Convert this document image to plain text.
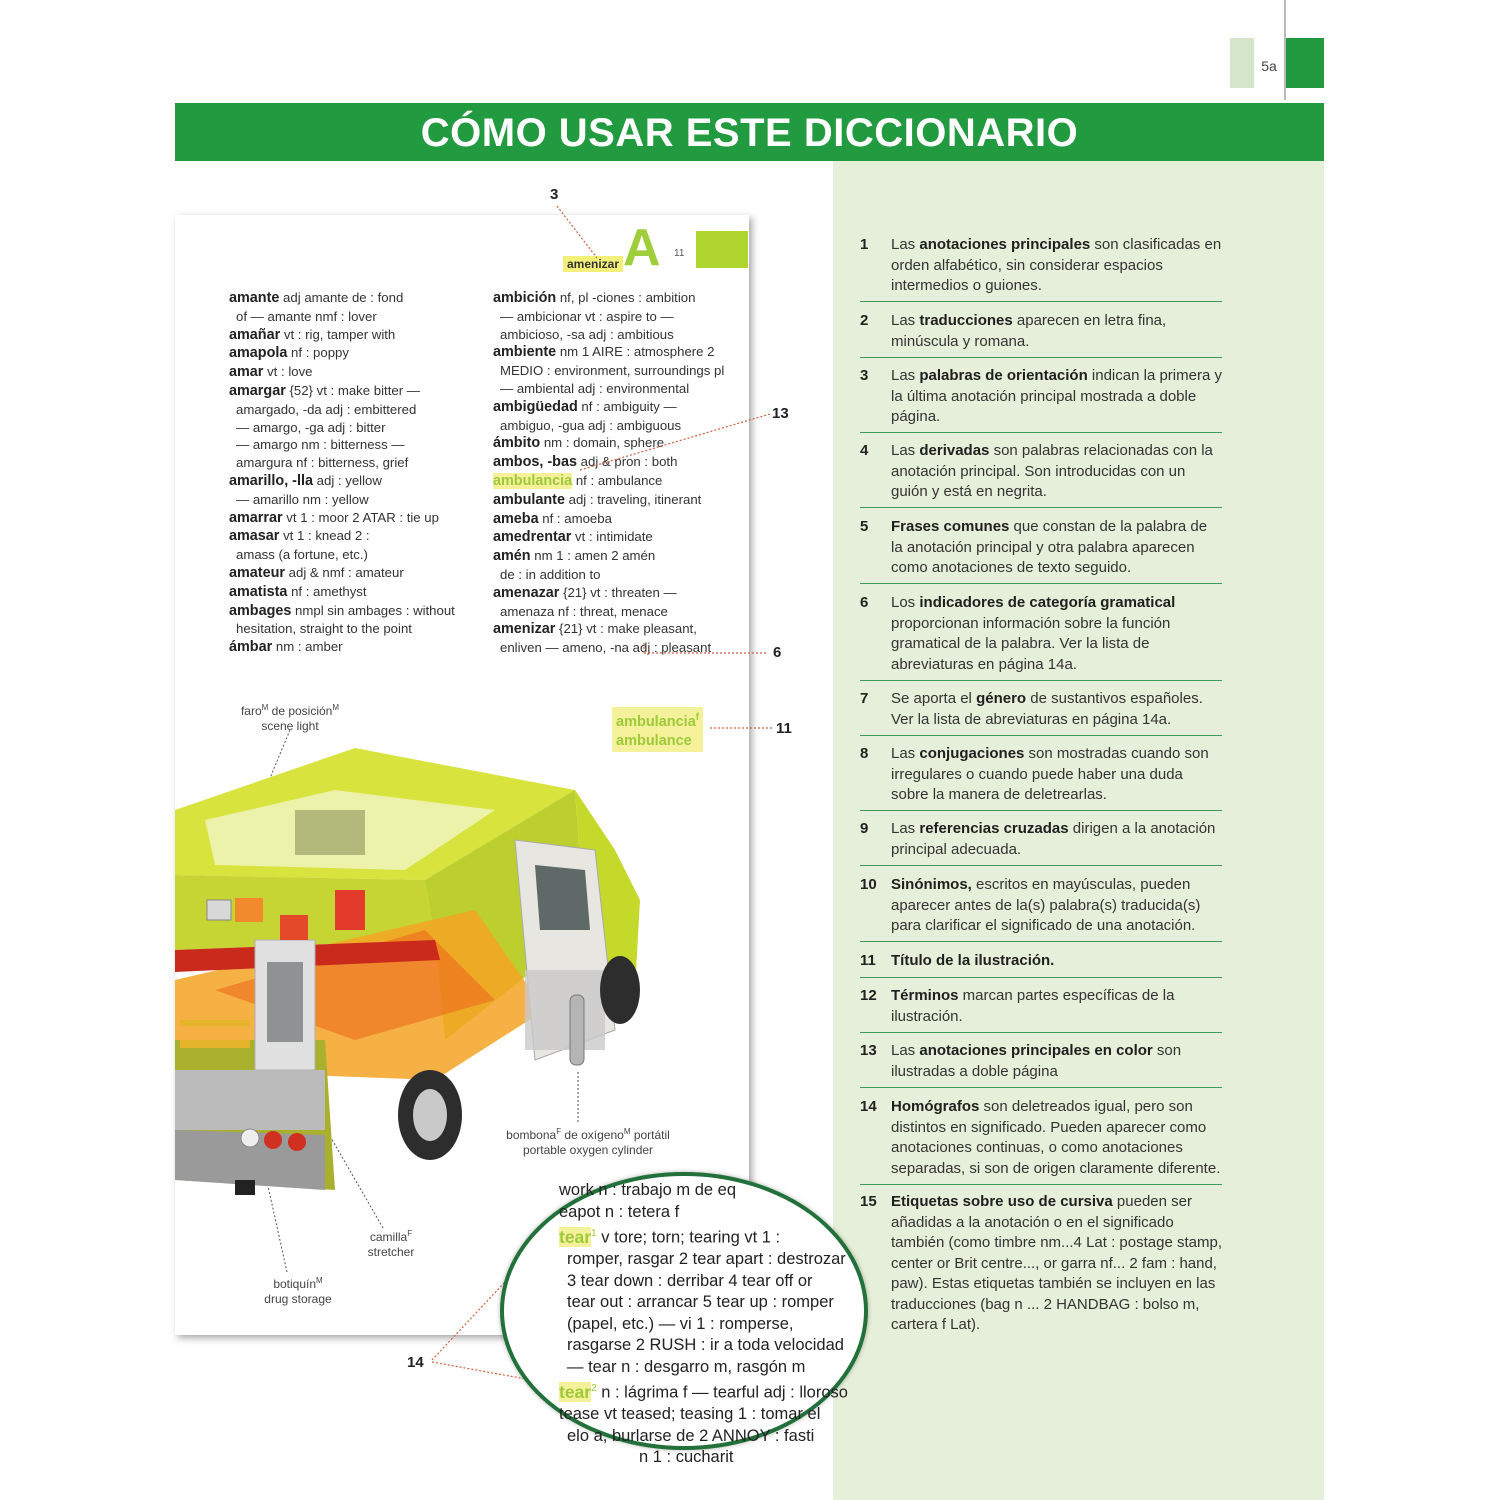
5a
CÓMO USAR ESTE DICCIONARIO
1 Las anotaciones principales son clasificadas en orden alfabético, sin considerar espacios intermedios o guiones.
2 Las traducciones aparecen en letra fina, minúscula y romana.
3 Las palabras de orientación indican la primera y la última anotación principal mostrada a doble página.
4 Las derivadas son palabras relacionadas con la anotación principal. Son introducidas con un guión y está en negrita.
5 Frases comunes que constan de la palabra de la anotación principal y otra palabra aparecen como anotaciones de texto seguido.
6 Los indicadores de categoría gramatical proporcionan información sobre la función gramatical de la palabra. Ver la lista de abreviaturas en página 14a.
7 Se aporta el género de sustantivos españoles. Ver la lista de abreviaturas en página 14a.
8 Las conjugaciones son mostradas cuando son irregulares o cuando puede haber una duda sobre la manera de deletrearlas.
9 Las referencias cruzadas dirigen a la anotación principal adecuada.
10 Sinónimos, escritos en mayúsculas, pueden aparecer antes de la(s) palabra(s) traducida(s) para clarificar el significado de una anotación.
11 Título de la ilustración.
12 Términos marcan partes específicas de la ilustración.
13 Las anotaciones principales en color son ilustradas a doble página
14 Homógrafos son deletreados igual, pero son distintos en significado. Pueden aparecer como anotaciones continuas, o como anotaciones separadas, si son de origen claramente diferente.
15 Etiquetas sobre uso de cursiva pueden ser añadidas a la anotación o en el significado también (como timbre nm...4 Lat : postage stamp, center or Brit centre..., or garra nf... 2 fam : hand, paw). Estas etiquetas también se incluyen en las traducciones (bag n ... 2 HANDBAG : bolso m, cartera f Lat).
A
amenizar
11
amante adj amante de : fond
of — amante nmf : lover
amañar vt : rig, tamper with
amapola nf : poppy
amar vt : love
amargar {52} vt : make bitter —
amargado, -da adj : embittered
— amargo, -ga adj : bitter
— amargo nm : bitterness —
amargura nf : bitterness, grief
amarillo, -lla adj : yellow
— amarillo nm : yellow
amarrar vt 1 : moor 2 ATAR : tie up
amasar vt 1 : knead 2 :
amass (a fortune, etc.)
amateur adj & nmf : amateur
amatista nf : amethyst
ambages nmpl sin ambages : without
hesitation, straight to the point
ámbar nm : amber
ambición nf, pl -ciones : ambition
— ambicionar vt : aspire to —
ambicioso, -sa adj : ambitious
ambiente nm 1 AIRE : atmosphere 2
MEDIO : environment, surroundings pl
— ambiental adj : environmental
ambigüedad nf : ambiguity —
ambiguo, -gua adj : ambiguous
ámbito nm : domain, sphere
ambos, -bas adj & pron : both
ambulancia nf : ambulance
ambulante adj : traveling, itinerant
ameba nf : amoeba
amedrentar vt : intimidate
amén nm 1 : amen 2 amén
de : in addition to
amenazar {21} vt : threaten —
amenaza nf : threat, menace
amenizar {21} vt : make pleasant,
enliven — ameno, -na adj : pleasant
3
13
6
11
14
ambulancia$^f$
ambulance
faro$^M$ de posición$^M$
scene light
bombona$^F$ de oxígeno$^M$ portátil
portable oxygen cylinder
camilla$^F$
stretcher
botiquín$^M$
drug storage
work n : trabajo m de eq
eapot n : tetera f
tear$^1$ v tore; torn; tearing vt 1 :
romper, rasgar 2 tear apart : destrozar
3 tear down : derribar 4 tear off or
tear out : arrancar 5 tear up : romper
(papel, etc.) — vi 1 : romperse,
rasgarse 2 RUSH : ir a toda velocidad
— tear n : desgarro m, rasgón m
tear$^2$ n : lágrima f — tearful adj : lloroso
tease vt teased; teasing 1 : tomar el
elo a, burlarse de 2 ANNOY : fasti
n 1 : cucharit
